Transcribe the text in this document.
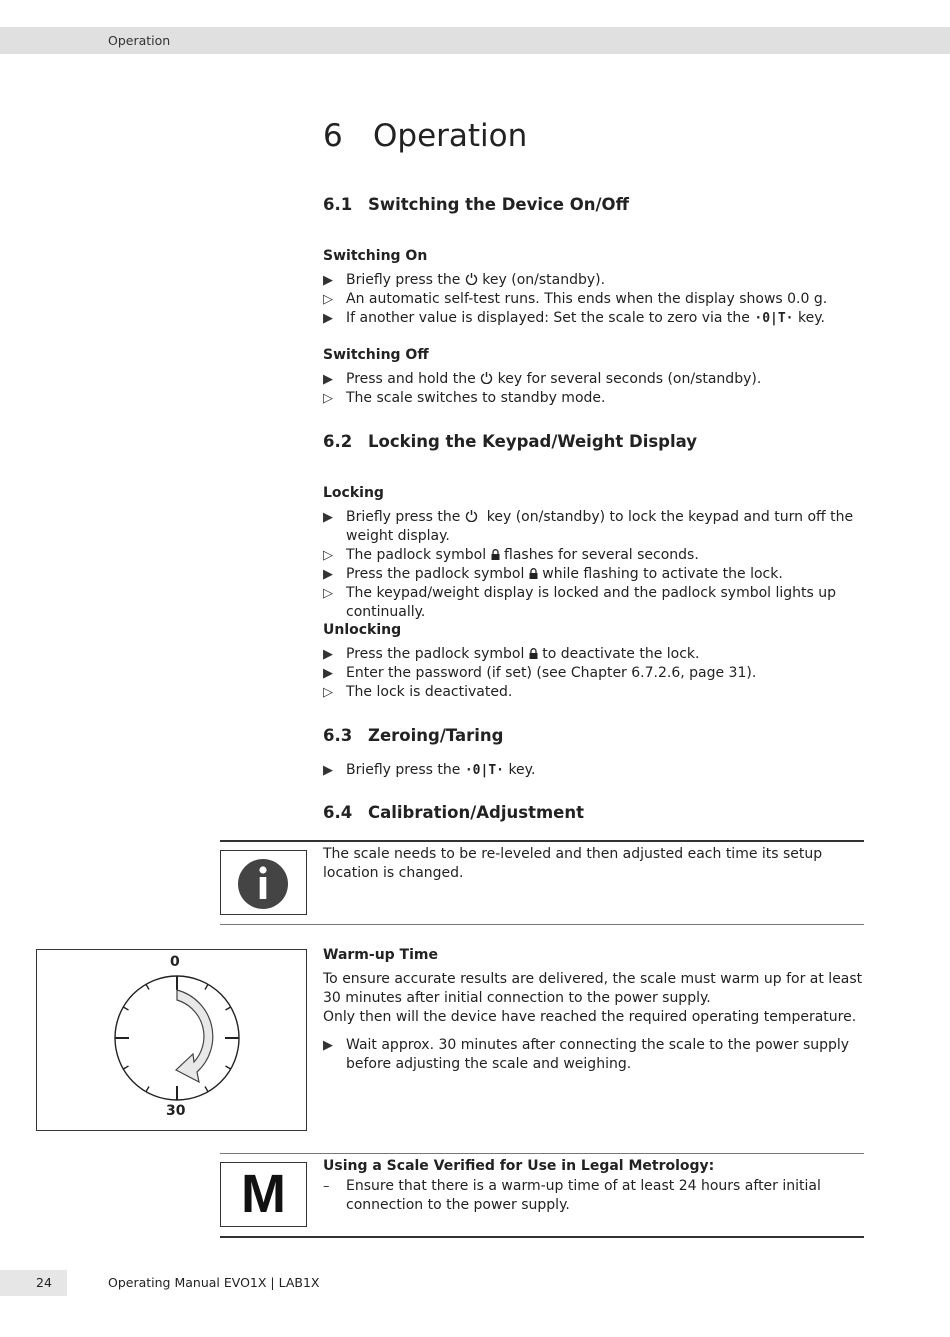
Operation
6 Operation
6.1 Switching the Device On/Off
Switching On
▶ Briefly press the key (on/standby).
▷ An automatic self-test runs. This ends when the display shows 0.0 g.
▶ If another value is displayed: Set the scale to zero via the ·0|T· key.
Switching Off
▶ Press and hold the key for several seconds (on/standby).
▷ The scale switches to standby mode.
6.2 Locking the Keypad/Weight Display
Locking
▶ Briefly press the key (on/standby) to lock the keypad and turn off the weight display.
▷ The padlock symbol flashes for several seconds.
▶ Press the padlock symbol while flashing to activate the lock.
▷ The keypad/weight display is locked and the padlock symbol lights up continually.
Unlocking
▶ Press the padlock symbol to deactivate the lock.
▶ Enter the password (if set) (see Chapter 6.7.2.6, page 31).
▷ The lock is deactivated.
6.3 Zeroing/Taring
▶ Briefly press the ·0|T· key.
6.4 Calibration/Adjustment
The scale needs to be re-leveled and then adjusted each time its setup location is changed.
0
30
Warm-up Time
To ensure accurate results are delivered, the scale must warm up for at least
30 minutes after initial connection to the power supply.
Only then will the device have reached the required operating temperature.
▶ Wait approx. 30 minutes after connecting the scale to the power supply before adjusting the scale and weighing.
M	Using a Scale Verified for Use in Legal Metrology:
– Ensure that there is a warm-up time of at least 24 hours after initial connection to the power supply.
24	Operating Manual EVO1X | LAB1X
